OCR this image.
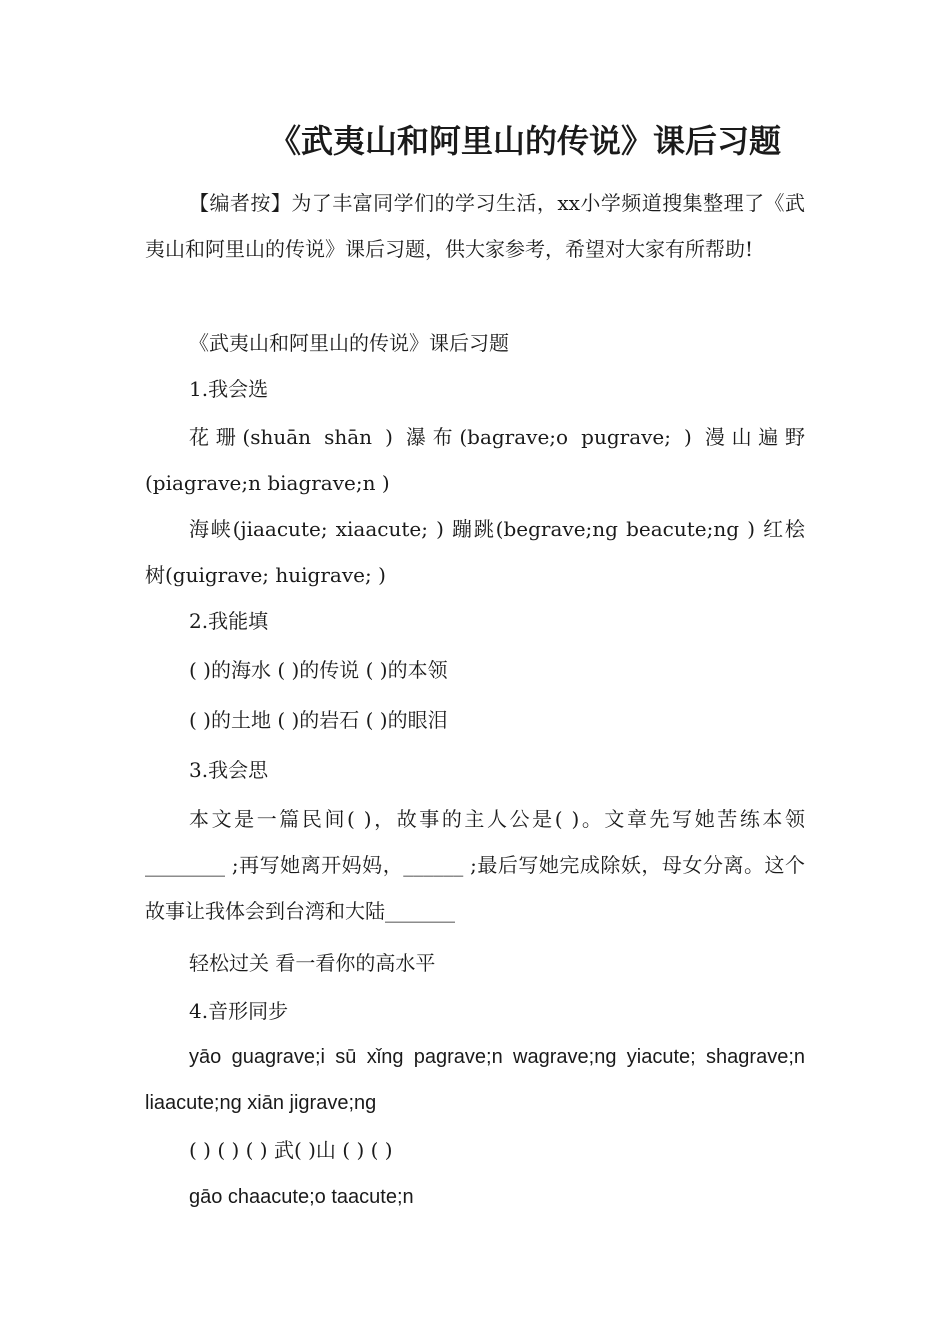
《武夷山和阿里山的传说》课后习题

【编者按】为了丰富同学们的学习生活，xx小学频道搜集整理了《武夷山和阿里山的传说》课后习题，供大家参考，希望对大家有所帮助!

《武夷山和阿里山的传说》课后习题

1.我会选

花珊(shuān shān ) 瀑布(bagrave;o pugrave; ) 漫山遍野(piagrave;n biagrave;n )

海峡(jiaacute; xiaacute; ) 蹦跳(begrave;ng beacute;ng ) 红桧树(guigrave; huigrave; )

2.我能填

( )的海水 ( )的传说 ( )的本领

( )的土地 ( )的岩石 ( )的眼泪

3.我会思

本文是一篇民间( )，故事的主人公是( )。文章先写她苦练本领________ ;再写她离开妈妈，______ ;最后写她完成除妖，母女分离。这个故事让我体会到台湾和大陆_______

轻松过关 看一看你的高水平

4.音形同步

yāo guagrave;i sū xǐng pagrave;n wagrave;ng yiacute; shagrave;n liaacute;ng xiān jigrave;ng

( ) ( ) ( ) 武( )山 ( ) ( )

gāo chaacute;o taacute;n
